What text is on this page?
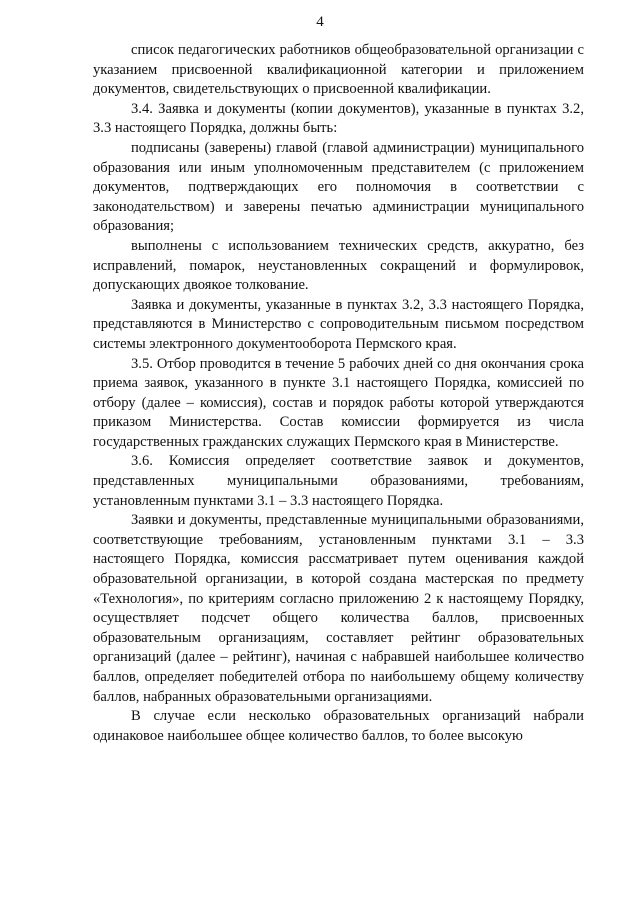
4

список педагогических работников общеобразовательной организации с указанием присвоенной квалификационной категории и приложением документов, свидетельствующих о присвоенной квалификации.

3.4. Заявка и документы (копии документов), указанные в пунктах 3.2, 3.3 настоящего Порядка, должны быть:

подписаны (заверены) главой (главой администрации) муниципального образования или иным уполномоченным представителем (с приложением документов, подтверждающих его полномочия в соответствии с законодательством) и заверены печатью администрации муниципального образования;

выполнены с использованием технических средств, аккуратно, без исправлений, помарок, неустановленных сокращений и формулировок, допускающих двоякое толкование.

Заявка и документы, указанные в пунктах 3.2, 3.3 настоящего Порядка, представляются в Министерство с сопроводительным письмом посредством системы электронного документооборота Пермского края.

3.5. Отбор проводится в течение 5 рабочих дней со дня окончания срока приема заявок, указанного в пункте 3.1 настоящего Порядка, комиссией по отбору (далее – комиссия), состав и порядок работы которой утверждаются приказом Министерства. Состав комиссии формируется из числа государственных гражданских служащих Пермского края в Министерстве.

3.6. Комиссия определяет соответствие заявок и документов, представленных муниципальными образованиями, требованиям, установленным пунктами 3.1 – 3.3 настоящего Порядка.

Заявки и документы, представленные муниципальными образованиями, соответствующие требованиям, установленным пунктами 3.1 – 3.3 настоящего Порядка, комиссия рассматривает путем оценивания каждой образовательной организации, в которой создана мастерская по предмету «Технология», по критериям согласно приложению 2 к настоящему Порядку, осуществляет подсчет общего количества баллов, присвоенных образовательным организациям, составляет рейтинг образовательных организаций (далее – рейтинг), начиная с набравшей наибольшее количество баллов, определяет победителей отбора по наибольшему общему количеству баллов, набранных образовательными организациями.

В случае если несколько образовательных организаций набрали одинаковое наибольшее общее количество баллов, то более высокую
